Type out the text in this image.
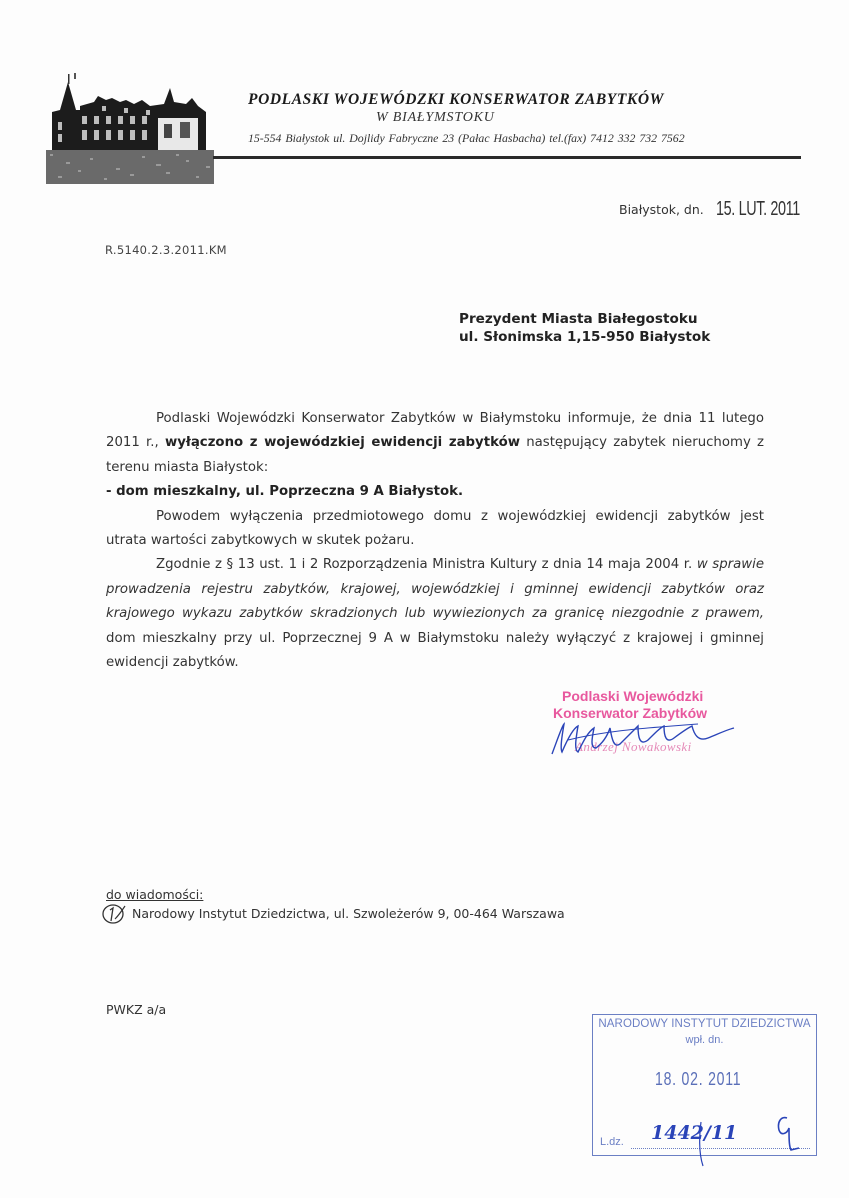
PODLASKI WOJEWÓDZKI KONSERWATOR ZABYTKÓW
W BIAŁYMSTOKU
15-554 Białystok ul. Dojlidy Fabryczne 23 (Pałac Hasbacha) tel.(fax) 7412 332 732 7562
Białystok, dn. 15. LUT. 2011
R.5140.2.3.2011.KM
Prezydent Miasta Białegostoku
ul. Słonimska 1,15-950 Białystok

Podlaski Wojewódzki Konserwator Zabytków w Białymstoku informuje, że dnia 11 lutego 2011 r., wyłączono z wojewódzkiej ewidencji zabytków następujący zabytek nieruchomy z terenu miasta Białystok:

- dom mieszkalny, ul. Poprzeczna 9 A Białystok.

Powodem wyłączenia przedmiotowego domu z wojewódzkiej ewidencji zabytków jest utrata wartości zabytkowych w skutek pożaru.

Zgodnie z § 13 ust. 1 i 2 Rozporządzenia Ministra Kultury z dnia 14 maja 2004 r. w sprawie prowadzenia rejestru zabytków, krajowej, wojewódzkiej i gminnej ewidencji zabytków oraz krajowego wykazu zabytków skradzionych lub wywiezionych za granicę niezgodnie z prawem, dom mieszkalny przy ul. Poprzecznej 9 A w Białymstoku należy wyłączyć z krajowej i gminnej ewidencji zabytków.

Podlaski Wojewódzki
Konserwator Zabytków
Andrzej Nowakowski
do wiadomości:
Narodowy Instytut Dziedzictwa, ul. Szwoleżerów 9, 00-464 Warszawa
PWKZ a/a
NARODOWY INSTYTUT DZIEDZICTWA
wpł. dn.
18. 02. 2011
L.dz. 1442/11
